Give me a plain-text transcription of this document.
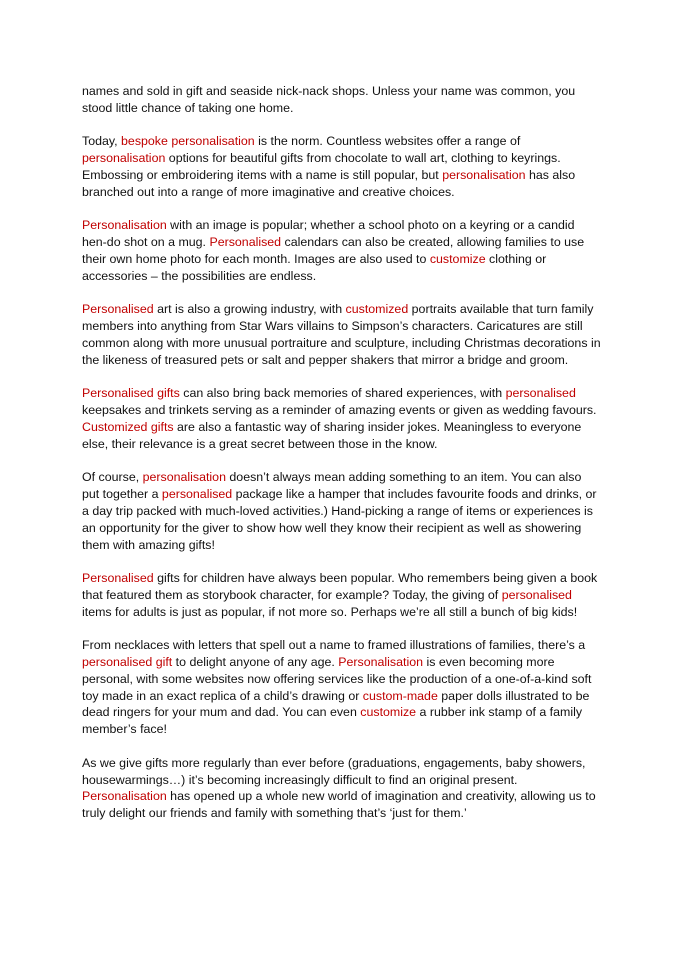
names and sold in gift and seaside nick-nack shops. Unless your name was common, you stood little chance of taking one home.

Today, bespoke personalisation is the norm. Countless websites offer a range of personalisation options for beautiful gifts from chocolate to wall art, clothing to keyrings. Embossing or embroidering items with a name is still popular, but personalisation has also branched out into a range of more imaginative and creative choices.

Personalisation with an image is popular; whether a school photo on a keyring or a candid hen-do shot on a mug. Personalised calendars can also be created, allowing families to use their own home photo for each month. Images are also used to customize clothing or accessories – the possibilities are endless.

Personalised art is also a growing industry, with customized portraits available that turn family members into anything from Star Wars villains to Simpson’s characters. Caricatures are still common along with more unusual portraiture and sculpture, including Christmas decorations in the likeness of treasured pets or salt and pepper shakers that mirror a bridge and groom.

Personalised gifts can also bring back memories of shared experiences, with personalised keepsakes and trinkets serving as a reminder of amazing events or given as wedding favours. Customized gifts are also a fantastic way of sharing insider jokes. Meaningless to everyone else, their relevance is a great secret between those in the know.

Of course, personalisation doesn’t always mean adding something to an item. You can also put together a personalised package like a hamper that includes favourite foods and drinks, or a day trip packed with much-loved activities.) Hand-picking a range of items or experiences is an opportunity for the giver to show how well they know their recipient as well as showering them with amazing gifts!

Personalised gifts for children have always been popular. Who remembers being given a book that featured them as storybook character, for example? Today, the giving of personalised items for adults is just as popular, if not more so. Perhaps we’re all still a bunch of big kids!

From necklaces with letters that spell out a name to framed illustrations of families, there’s a personalised gift to delight anyone of any age. Personalisation is even becoming more personal, with some websites now offering services like the production of a one-of-a-kind soft toy made in an exact replica of a child’s drawing or custom-made paper dolls illustrated to be dead ringers for your mum and dad. You can even customize a rubber ink stamp of a family member’s face!

As we give gifts more regularly than ever before (graduations, engagements, baby showers, housewarmings…) it’s becoming increasingly difficult to find an original present. Personalisation has opened up a whole new world of imagination and creativity, allowing us to truly delight our friends and family with something that’s ‘just for them.’
